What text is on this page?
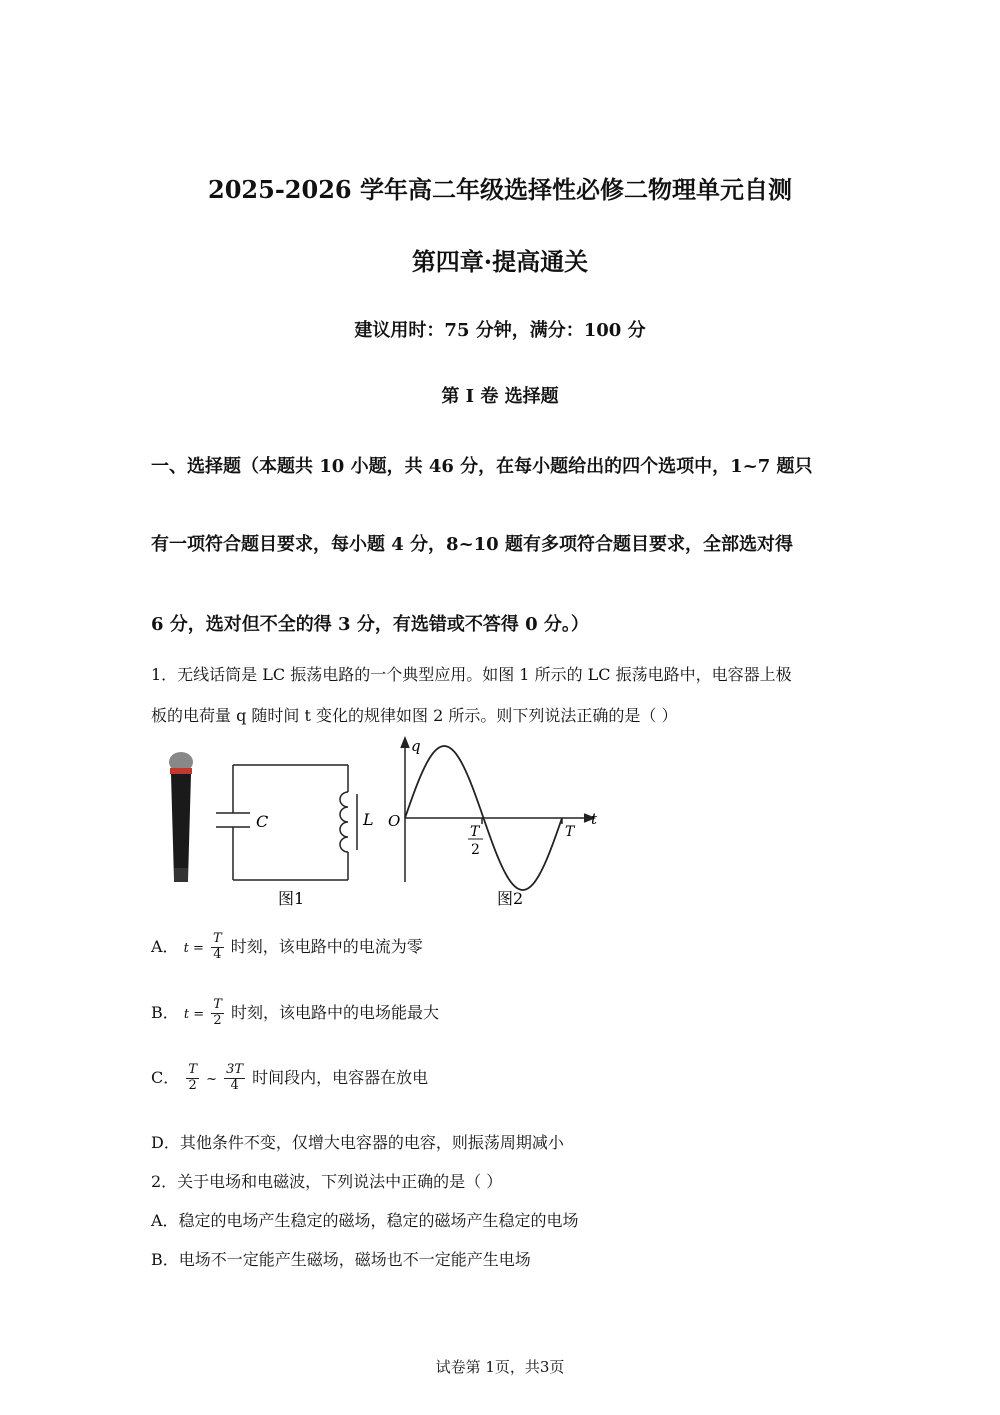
2025-2026 学年高二年级选择性必修二物理单元自测
第四章·提高通关
建议用时：75 分钟，满分：100 分
第 Ⅰ 卷 选择题
一、选择题（本题共 10 小题，共 46 分，在每小题给出的四个选项中，1~7 题只
有一项符合题目要求，每小题 4 分，8~10 题有多项符合题目要求，全部选对得
6 分，选对但不全的得 3 分，有选错或不答得 0 分。）
1．无线话筒是 LC 振荡电路的一个典型应用。如图 1 所示的 LC 振荡电路中，电容器上极
板的电荷量 q 随时间 t 变化的规律如图 2 所示。则下列说法正确的是（ ）
C	L
图1
q
t
O
T
2
T
图2
A． $t = \frac{T}{4}$ 时刻，该电路中的电流为零
B． $t = \frac{T}{2}$ 时刻，该电路中的电场能最大
C． $\frac{T}{2}$ ~ $\frac{3T}{4}$ 时间段内，电容器在放电
D．其他条件不变，仅增大电容器的电容，则振荡周期减小
2．关于电场和电磁波，下列说法中正确的是（ ）
A．稳定的电场产生稳定的磁场，稳定的磁场产生稳定的电场
B．电场不一定能产生磁场，磁场也不一定能产生电场
试卷第 1页，共3页
